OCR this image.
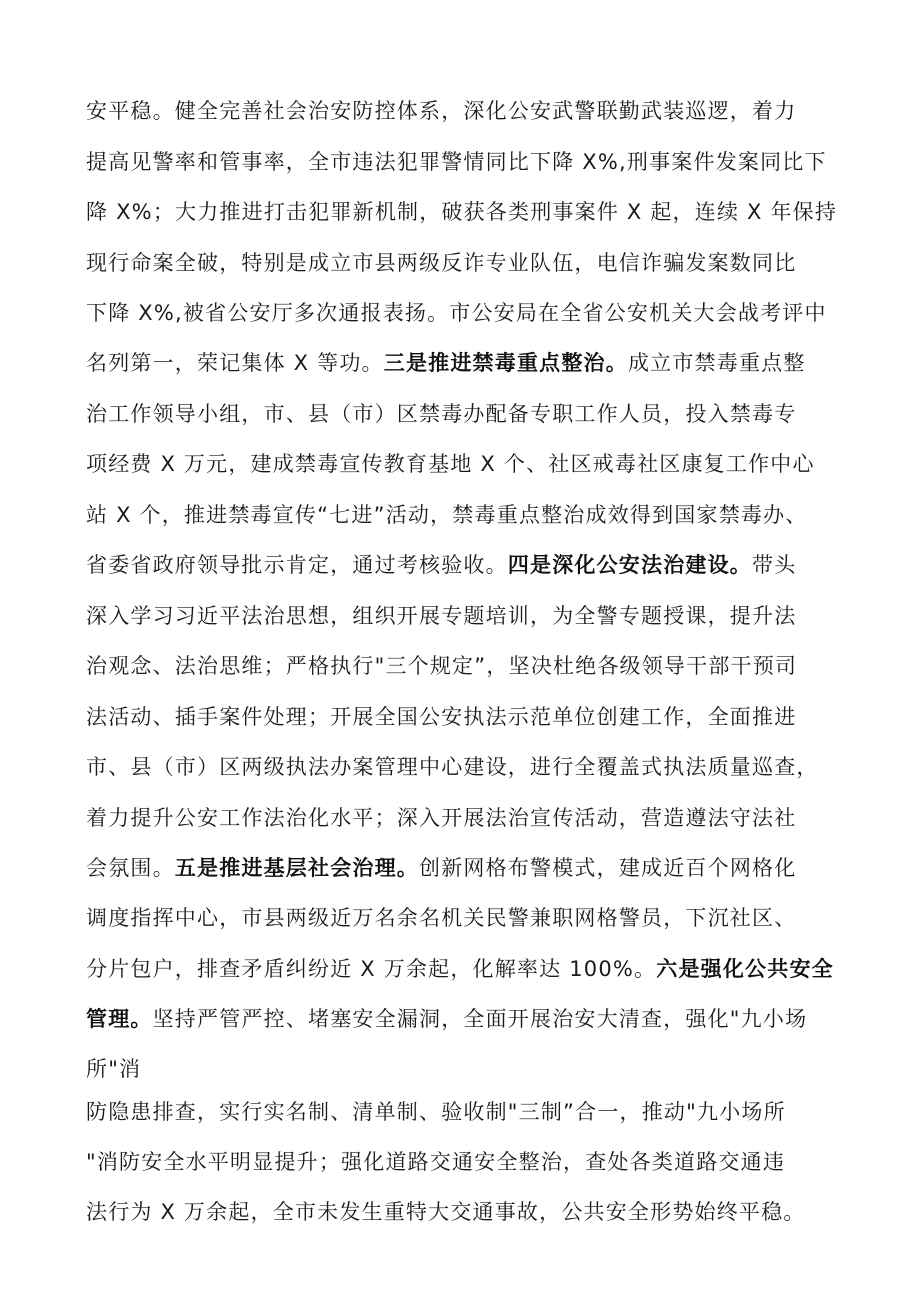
安平稳。健全完善社会治安防控体系，深化公安武警联勤武装巡逻，着力
提高见警率和管事率，全市违法犯罪警情同比下降 X%,刑事案件发案同比下
降 X%；大力推进打击犯罪新机制，破获各类刑事案件 X 起，连续 X 年保持
现行命案全破，特别是成立市县两级反诈专业队伍，电信诈骗发案数同比
下降 X%,被省公安厅多次通报表扬。市公安局在全省公安机关大会战考评中
名列第一，荣记集体 X 等功。三是推进禁毒重点整治。成立市禁毒重点整
治工作领导小组，市、县（市）区禁毒办配备专职工作人员，投入禁毒专
项经费 X 万元，建成禁毒宣传教育基地 X 个、社区戒毒社区康复工作中心
站 X 个，推进禁毒宣传“七进”活动，禁毒重点整治成效得到国家禁毒办、
省委省政府领导批示肯定，通过考核验收。四是深化公安法治建设。带头
深入学习习近平法治思想，组织开展专题培训，为全警专题授课，提升法
治观念、法治思维；严格执行"三个规定”，坚决杜绝各级领导干部干预司
法活动、插手案件处理；开展全国公安执法示范单位创建工作，全面推进
市、县（市）区两级执法办案管理中心建设，进行全覆盖式执法质量巡查，
着力提升公安工作法治化水平；深入开展法治宣传活动，营造遵法守法社
会氛围。五是推进基层社会治理。创新网格布警模式，建成近百个网格化
调度指挥中心，市县两级近万名余名机关民警兼职网格警员，下沉社区、
分片包户，排查矛盾纠纷近 X 万余起，化解率达 100%。六是强化公共安全
管理。坚持严管严控、堵塞安全漏洞，全面开展治安大清查，强化"九小场
所"消
防隐患排查，实行实名制、清单制、验收制"三制”合一，推动"九小场所
"消防安全水平明显提升；强化道路交通安全整治，查处各类道路交通违
法行为 X 万余起，全市未发生重特大交通事故，公共安全形势始终平稳。
